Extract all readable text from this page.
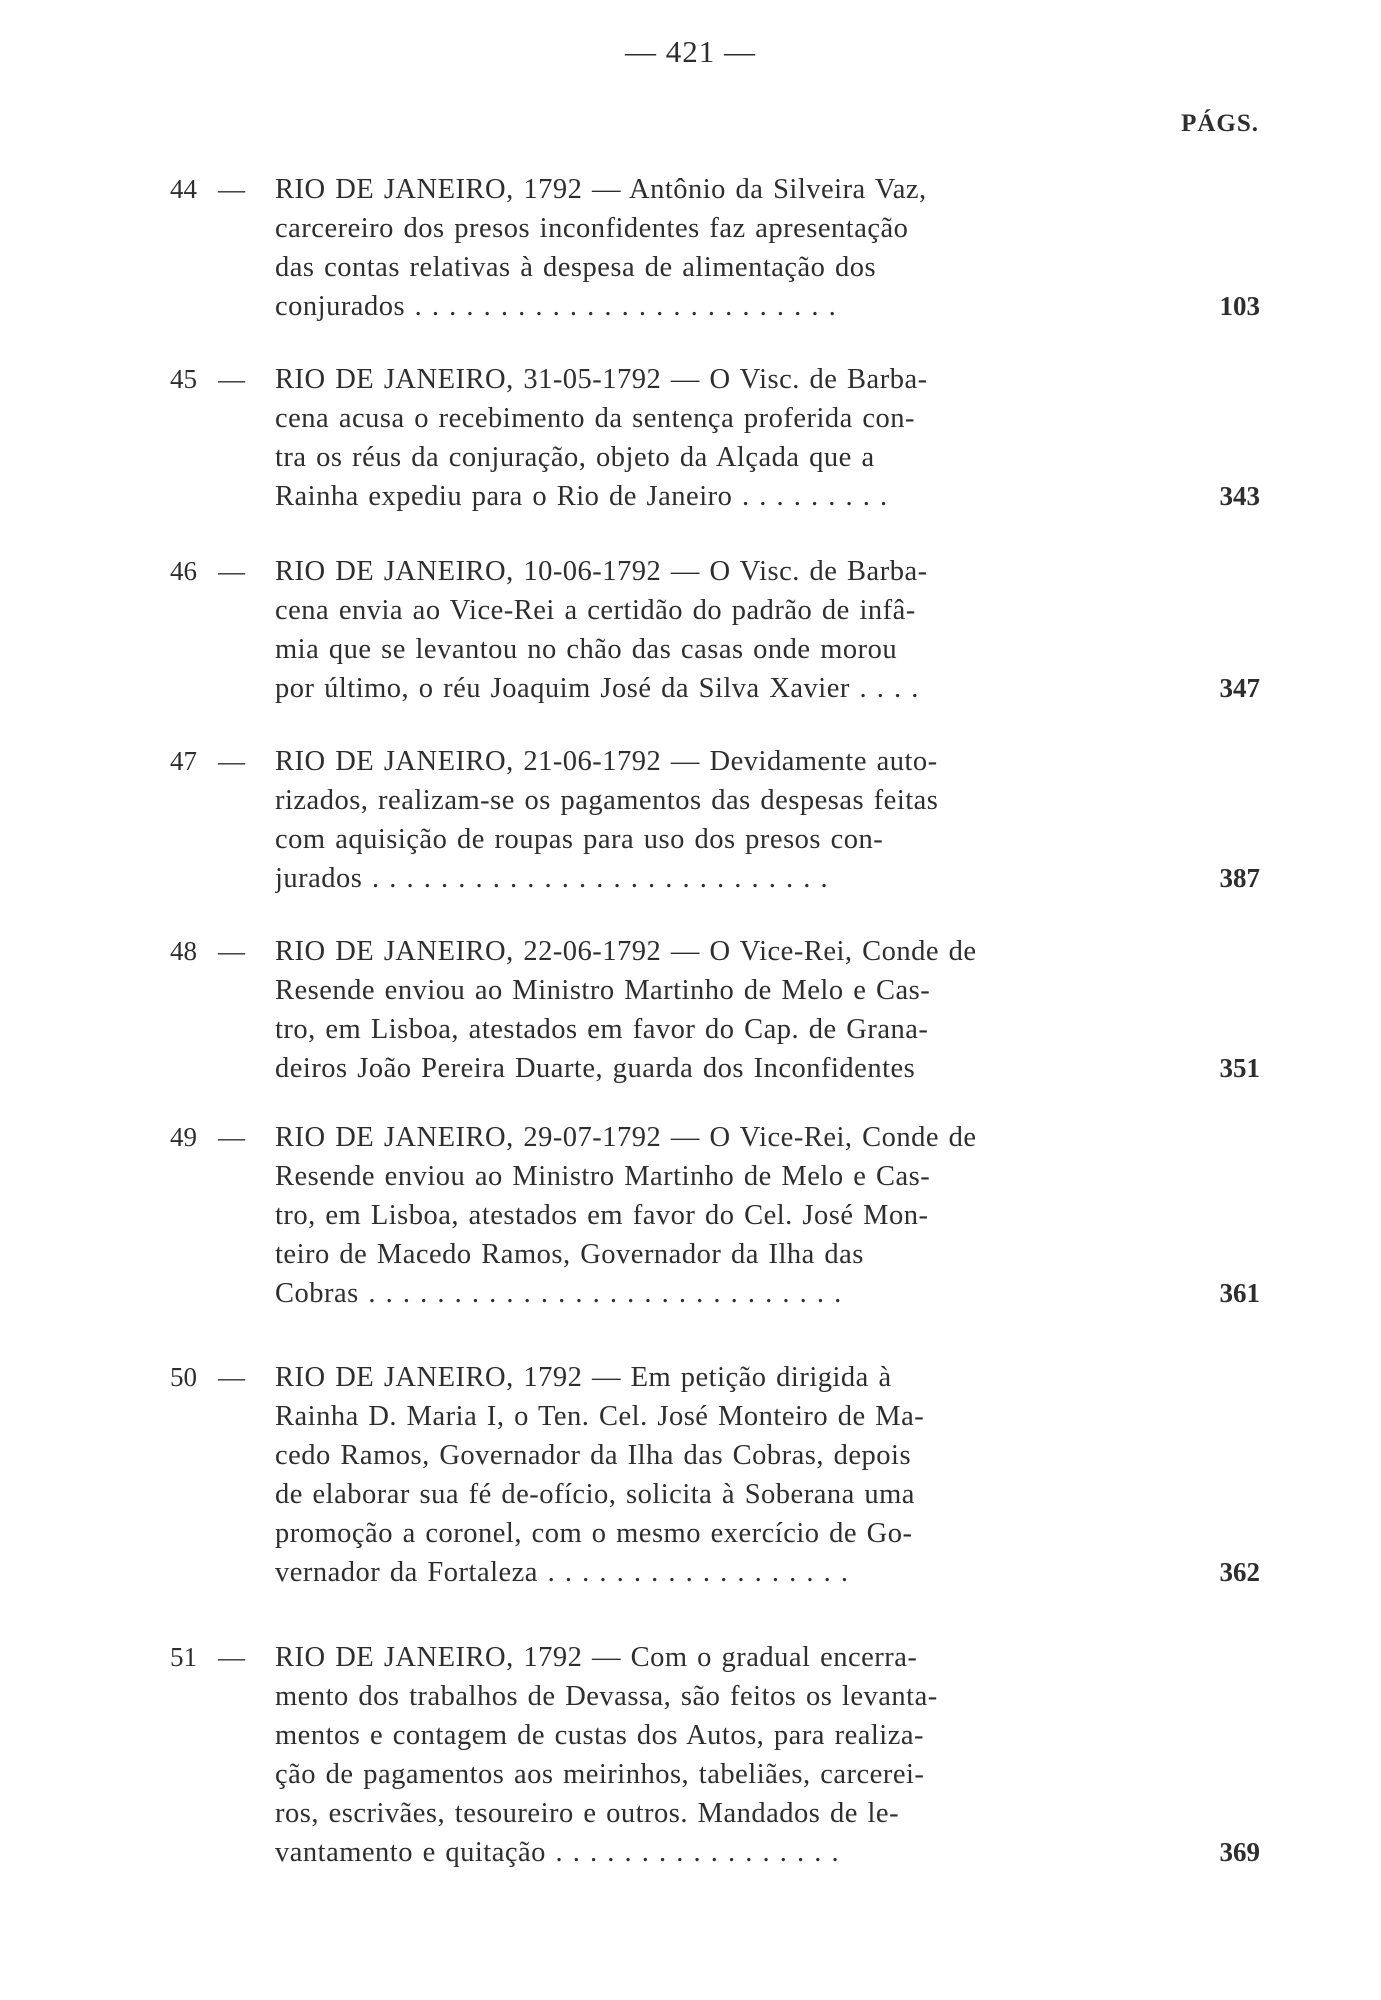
— 421 —
PÁGS.
44 — RIO DE JANEIRO, 1792 — Antônio da Silveira Vaz,
carcereiro dos presos inconfidentes faz apresentação
das contas relativas à despesa de alimentação dos
conjurados . . . . . . . . . . . . . . . . . . . . . . . . .	103
45 — RIO DE JANEIRO, 31-05-1792 — O Visc. de Barba-
cena acusa o recebimento da sentença proferida con-
tra os réus da conjuração, objeto da Alçada que a
Rainha expediu para o Rio de Janeiro . . . . . . . . .	343
46 — RIO DE JANEIRO, 10-06-1792 — O Visc. de Barba-
cena envia ao Vice-Rei a certidão do padrão de infâ-
mia que se levantou no chão das casas onde morou
por último, o réu Joaquim José da Silva Xavier . . . .	347
47 — RIO DE JANEIRO, 21-06-1792 — Devidamente auto-
rizados, realizam-se os pagamentos das despesas feitas
com aquisição de roupas para uso dos presos con-
jurados . . . . . . . . . . . . . . . . . . . . . . . . . . .	387
48 — RIO DE JANEIRO, 22-06-1792 — O Vice-Rei, Conde de
Resende enviou ao Ministro Martinho de Melo e Cas-
tro, em Lisboa, atestados em favor do Cap. de Grana-
deiros João Pereira Duarte, guarda dos Inconfidentes	351
49 — RIO DE JANEIRO, 29-07-1792 — O Vice-Rei, Conde de
Resende enviou ao Ministro Martinho de Melo e Cas-
tro, em Lisboa, atestados em favor do Cel. José Mon-
teiro de Macedo Ramos, Governador da Ilha das
Cobras . . . . . . . . . . . . . . . . . . . . . . . . . . . .	361
50 — RIO DE JANEIRO, 1792 — Em petição dirigida à
Rainha D. Maria I, o Ten. Cel. José Monteiro de Ma-
cedo Ramos, Governador da Ilha das Cobras, depois
de elaborar sua fé de-ofício, solicita à Soberana uma
promoção a coronel, com o mesmo exercício de Go-
vernador da Fortaleza . . . . . . . . . . . . . . . . . .	362
51 — RIO DE JANEIRO, 1792 — Com o gradual encerra-
mento dos trabalhos de Devassa, são feitos os levanta-
mentos e contagem de custas dos Autos, para realiza-
ção de pagamentos aos meirinhos, tabeliães, carcerei-
ros, escrivães, tesoureiro e outros. Mandados de le-
vantamento e quitação . . . . . . . . . . . . . . . . .	369
